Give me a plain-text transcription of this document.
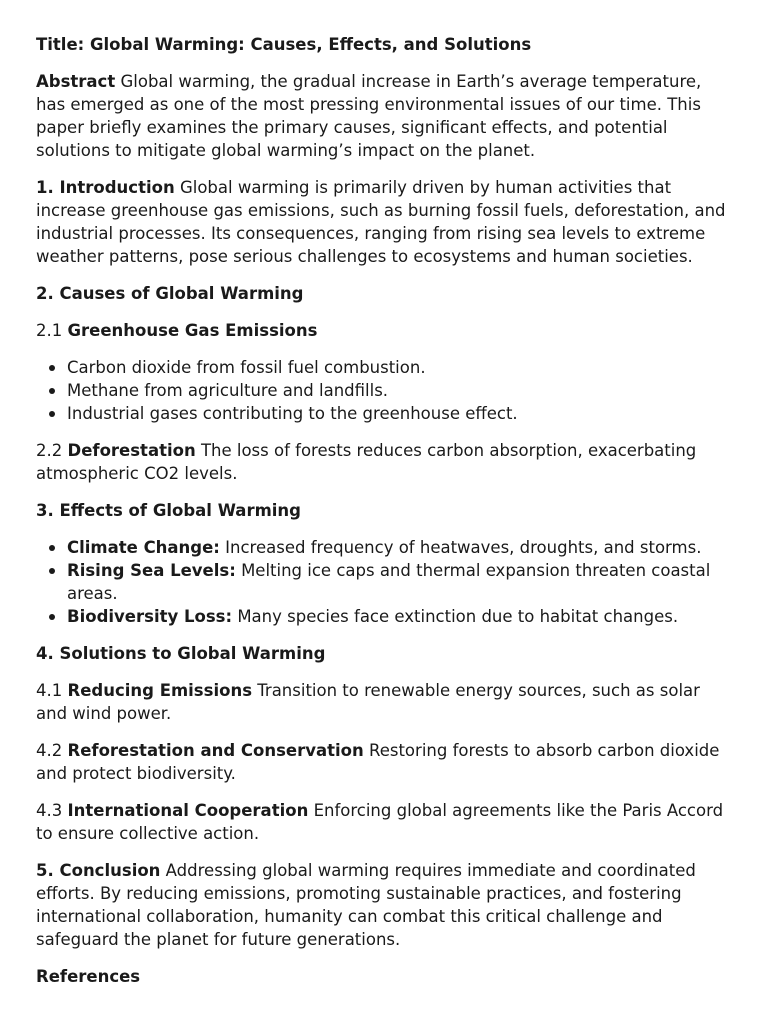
Title: Global Warming: Causes, Effects, and Solutions

Abstract Global warming, the gradual increase in Earth’s average temperature, has emerged as one of the most pressing environmental issues of our time. This paper briefly examines the primary causes, significant effects, and potential solutions to mitigate global warming’s impact on the planet.

1. Introduction Global warming is primarily driven by human activities that increase greenhouse gas emissions, such as burning fossil fuels, deforestation, and industrial processes. Its consequences, ranging from rising sea levels to extreme weather patterns, pose serious challenges to ecosystems and human societies.

2. Causes of Global Warming

2.1 Greenhouse Gas Emissions

Carbon dioxide from fossil fuel combustion.
Methane from agriculture and landfills.
Industrial gases contributing to the greenhouse effect.

2.2 Deforestation The loss of forests reduces carbon absorption, exacerbating atmospheric CO2 levels.

3. Effects of Global Warming

Climate Change: Increased frequency of heatwaves, droughts, and storms.
Rising Sea Levels: Melting ice caps and thermal expansion threaten coastal areas.
Biodiversity Loss: Many species face extinction due to habitat changes.

4. Solutions to Global Warming

4.1 Reducing Emissions Transition to renewable energy sources, such as solar and wind power.

4.2 Reforestation and Conservation Restoring forests to absorb carbon dioxide and protect biodiversity.

4.3 International Cooperation Enforcing global agreements like the Paris Accord to ensure collective action.

5. Conclusion Addressing global warming requires immediate and coordinated efforts. By reducing emissions, promoting sustainable practices, and fostering international collaboration, humanity can combat this critical challenge and safeguard the planet for future generations.

References
